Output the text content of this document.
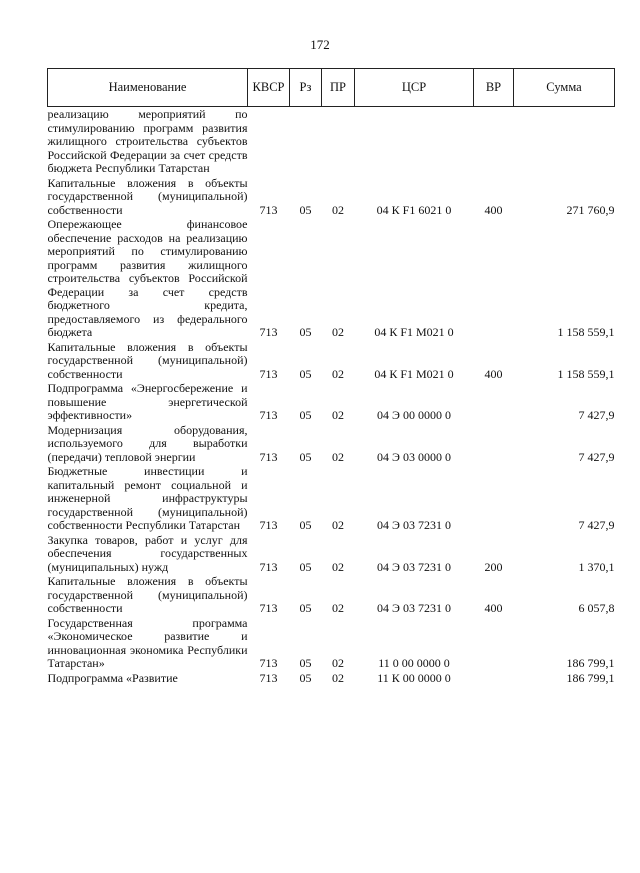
172
Наименование	КВСР	Рз	ПР	ЦСР	ВР	Сумма
реализацию мероприятий по стимулированию программ развития жилищного строительства субъектов Российской Федерации за счет средств бюджета Республики Татарстан						
Капитальные вложения в объекты государственной (муниципальной) собственности	713	05	02	04 К F1 6021 0	400	271 760,9
Опережающее финансовое обеспечение расходов на реализацию мероприятий по стимулированию программ развития жилищного строительства субъектов Российской Федерации за счет средств бюджетного кредита, предоставляемого из федерального бюджета	713	05	02	04 К F1 М021 0		1 158 559,1
Капитальные вложения в объекты государственной (муниципальной) собственности	713	05	02	04 К F1 М021 0	400	1 158 559,1
Подпрограмма «Энергосбережение и повышение энергетической эффективности»	713	05	02	04 Э 00 0000 0		7 427,9
Модернизация оборудования, используемого для выработки (передачи) тепловой энергии	713	05	02	04 Э 03 0000 0		7 427,9
Бюджетные инвестиции и капитальный ремонт социальной и инженерной инфраструктуры государственной (муниципальной) собственности Республики Татарстан	713	05	02	04 Э 03 7231 0		7 427,9
Закупка товаров, работ и услуг для обеспечения государственных (муниципальных) нужд	713	05	02	04 Э 03 7231 0	200	1 370,1
Капитальные вложения в объекты государственной (муниципальной) собственности	713	05	02	04 Э 03 7231 0	400	6 057,8
Государственная программа «Экономическое развитие и инновационная экономика Республики Татарстан»	713	05	02	11 0 00 0000 0		186 799,1
Подпрограмма «Развитие	713	05	02	11 К 00 0000 0		186 799,1
